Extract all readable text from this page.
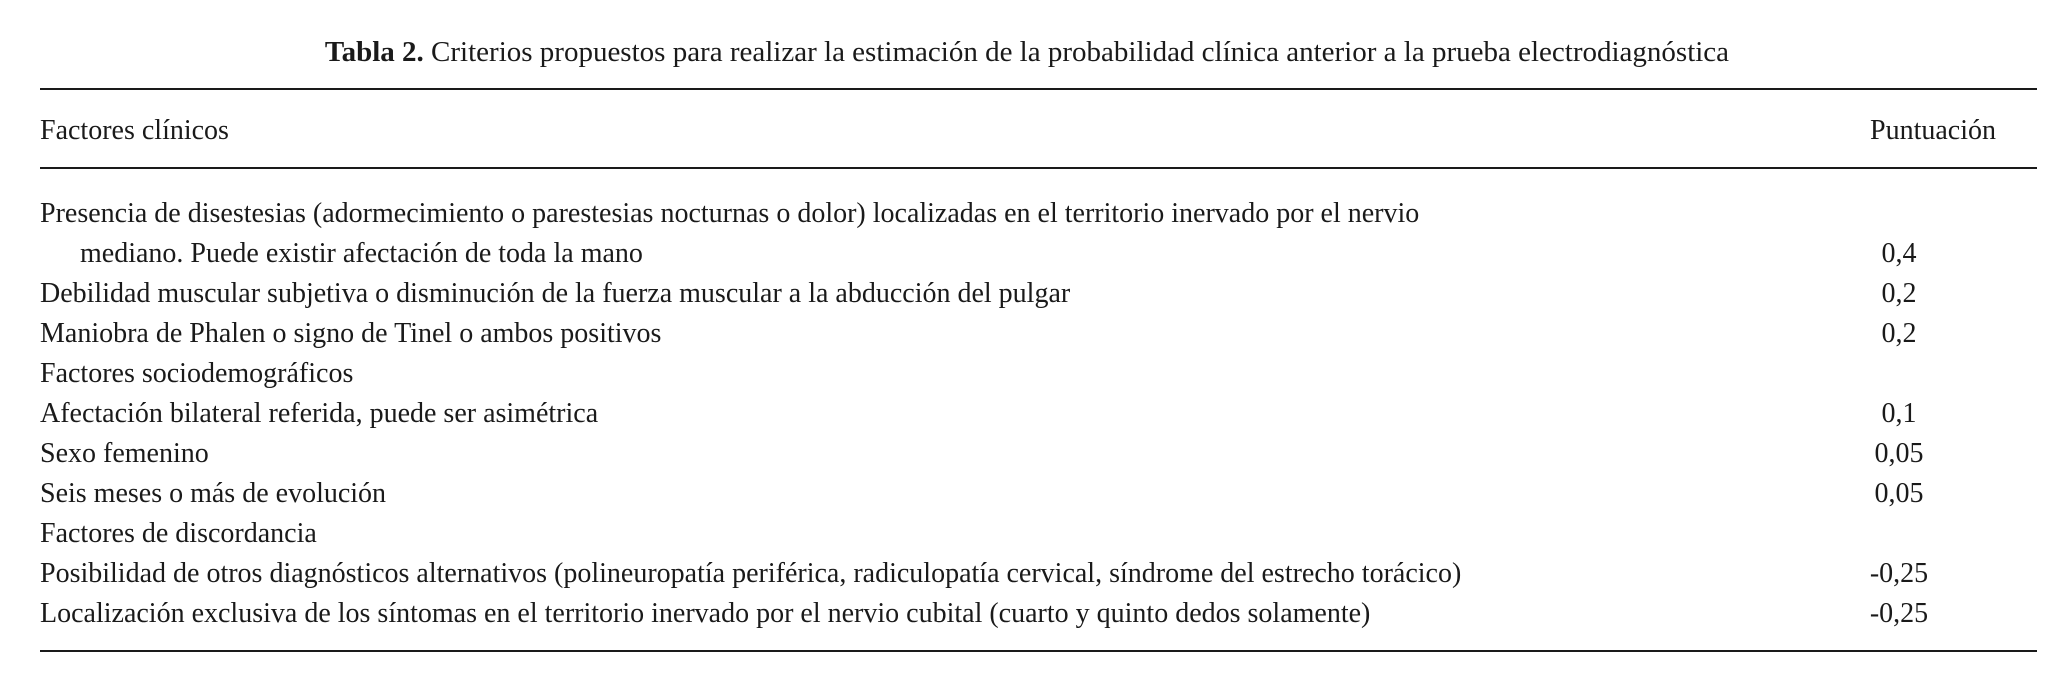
Tabla 2. Criterios propuestos para realizar la estimación de la probabilidad clínica anterior a la prueba electrodiagnóstica
Factores clínicos	Puntuación
Presencia de disestesias (adormecimiento o parestesias nocturnas o dolor) localizadas en el territorio inervado por el nervio
mediano. Puede existir afectación de toda la mano	0,4
Debilidad muscular subjetiva o disminución de la fuerza muscular a la abducción del pulgar	0,2
Maniobra de Phalen o signo de Tinel o ambos positivos	0,2
Factores sociodemográficos
Afectación bilateral referida, puede ser asimétrica	0,1
Sexo femenino	0,05
Seis meses o más de evolución	0,05
Factores de discordancia
Posibilidad de otros diagnósticos alternativos (polineuropatía periférica, radiculopatía cervical, síndrome del estrecho torácico)	-0,25
Localización exclusiva de los síntomas en el territorio inervado por el nervio cubital (cuarto y quinto dedos solamente)	-0,25
